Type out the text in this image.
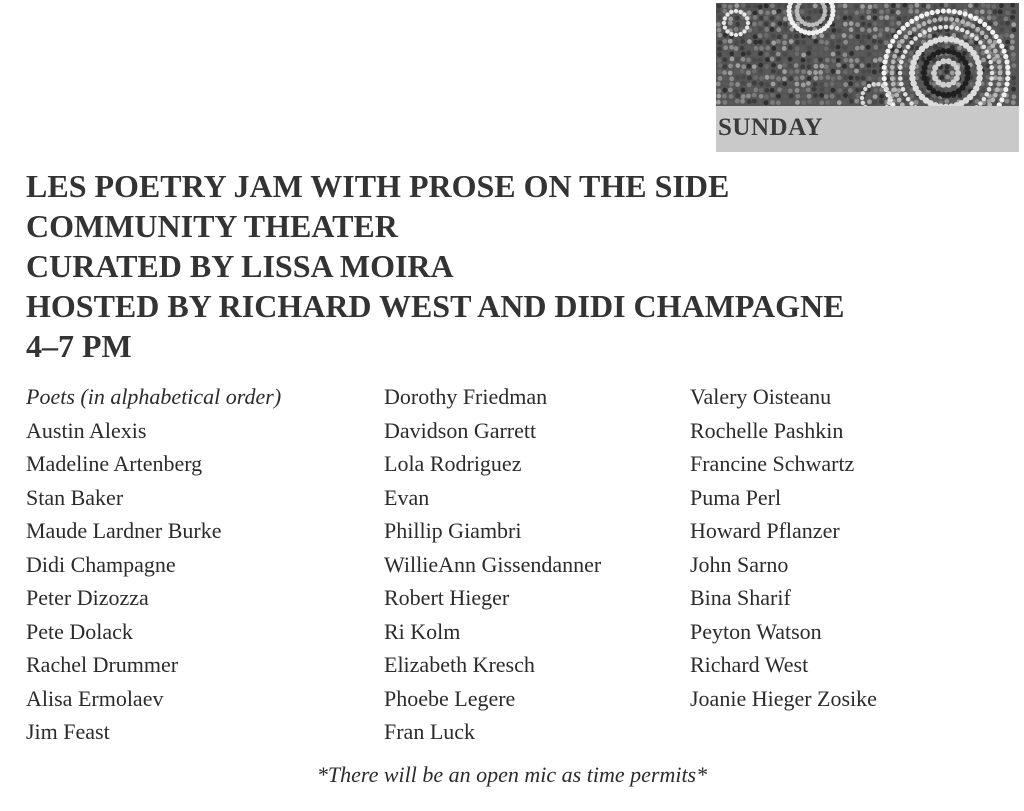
SUNDAY
LES POETRY JAM WITH PROSE ON THE SIDE
COMMUNITY THEATER
CURATED BY LISSA MOIRA
HOSTED BY RICHARD WEST AND DIDI CHAMPAGNE
4–7 PM
Poets (in alphabetical order)
Austin Alexis
Madeline Artenberg
Stan Baker
Maude Lardner Burke
Didi Champagne
Peter Dizozza
Pete Dolack
Rachel Drummer
Alisa Ermolaev
Jim Feast
Dorothy Friedman
Davidson Garrett
Lola Rodriguez
Evan
Phillip Giambri
WillieAnn Gissendanner
Robert Hieger
Ri Kolm
Elizabeth Kresch
Phoebe Legere
Fran Luck
Valery Oisteanu
Rochelle Pashkin
Francine Schwartz
Puma Perl
Howard Pflanzer
John Sarno
Bina Sharif
Peyton Watson
Richard West
Joanie Hieger Zosike
*There will be an open mic as time permits*
